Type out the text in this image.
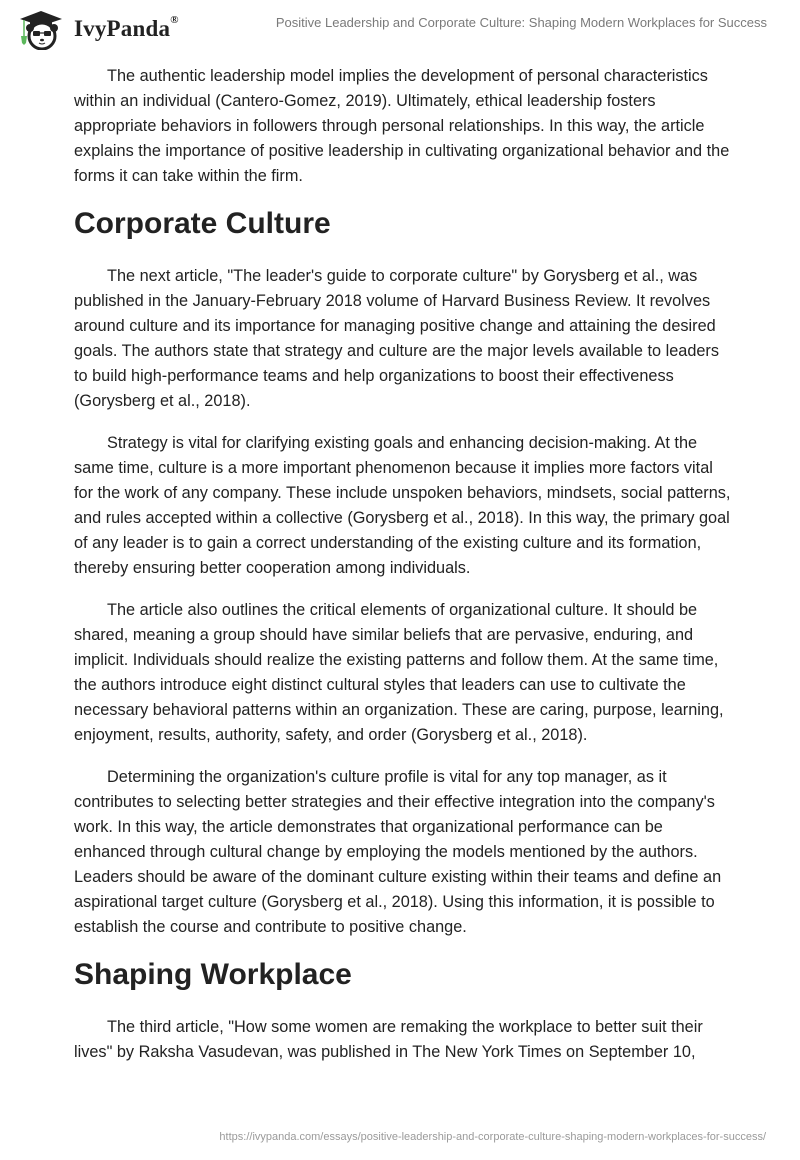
IvyPanda®	Positive Leadership and Corporate Culture: Shaping Modern Workplaces for Success

The authentic leadership model implies the development of personal characteristics within an individual (Cantero-Gomez, 2019). Ultimately, ethical leadership fosters appropriate behaviors in followers through personal relationships. In this way, the article explains the importance of positive leadership in cultivating organizational behavior and the forms it can take within the firm.

Corporate Culture

The next article, "The leader's guide to corporate culture" by Gorysberg et al., was published in the January-February 2018 volume of Harvard Business Review. It revolves around culture and its importance for managing positive change and attaining the desired goals. The authors state that strategy and culture are the major levels available to leaders to build high-performance teams and help organizations to boost their effectiveness (Gorysberg et al., 2018).

Strategy is vital for clarifying existing goals and enhancing decision-making. At the same time, culture is a more important phenomenon because it implies more factors vital for the work of any company. These include unspoken behaviors, mindsets, social patterns, and rules accepted within a collective (Gorysberg et al., 2018). In this way, the primary goal of any leader is to gain a correct understanding of the existing culture and its formation, thereby ensuring better cooperation among individuals.

The article also outlines the critical elements of organizational culture. It should be shared, meaning a group should have similar beliefs that are pervasive, enduring, and implicit. Individuals should realize the existing patterns and follow them. At the same time, the authors introduce eight distinct cultural styles that leaders can use to cultivate the necessary behavioral patterns within an organization. These are caring, purpose, learning, enjoyment, results, authority, safety, and order (Gorysberg et al., 2018).

Determining the organization's culture profile is vital for any top manager, as it contributes to selecting better strategies and their effective integration into the company's work. In this way, the article demonstrates that organizational performance can be enhanced through cultural change by employing the models mentioned by the authors. Leaders should be aware of the dominant culture existing within their teams and define an aspirational target culture (Gorysberg et al., 2018). Using this information, it is possible to establish the course and contribute to positive change.

Shaping Workplace

The third article, "How some women are remaking the workplace to better suit their lives" by Raksha Vasudevan, was published in The New York Times on September 10,

https://ivypanda.com/essays/positive-leadership-and-corporate-culture-shaping-modern-workplaces-for-success/
